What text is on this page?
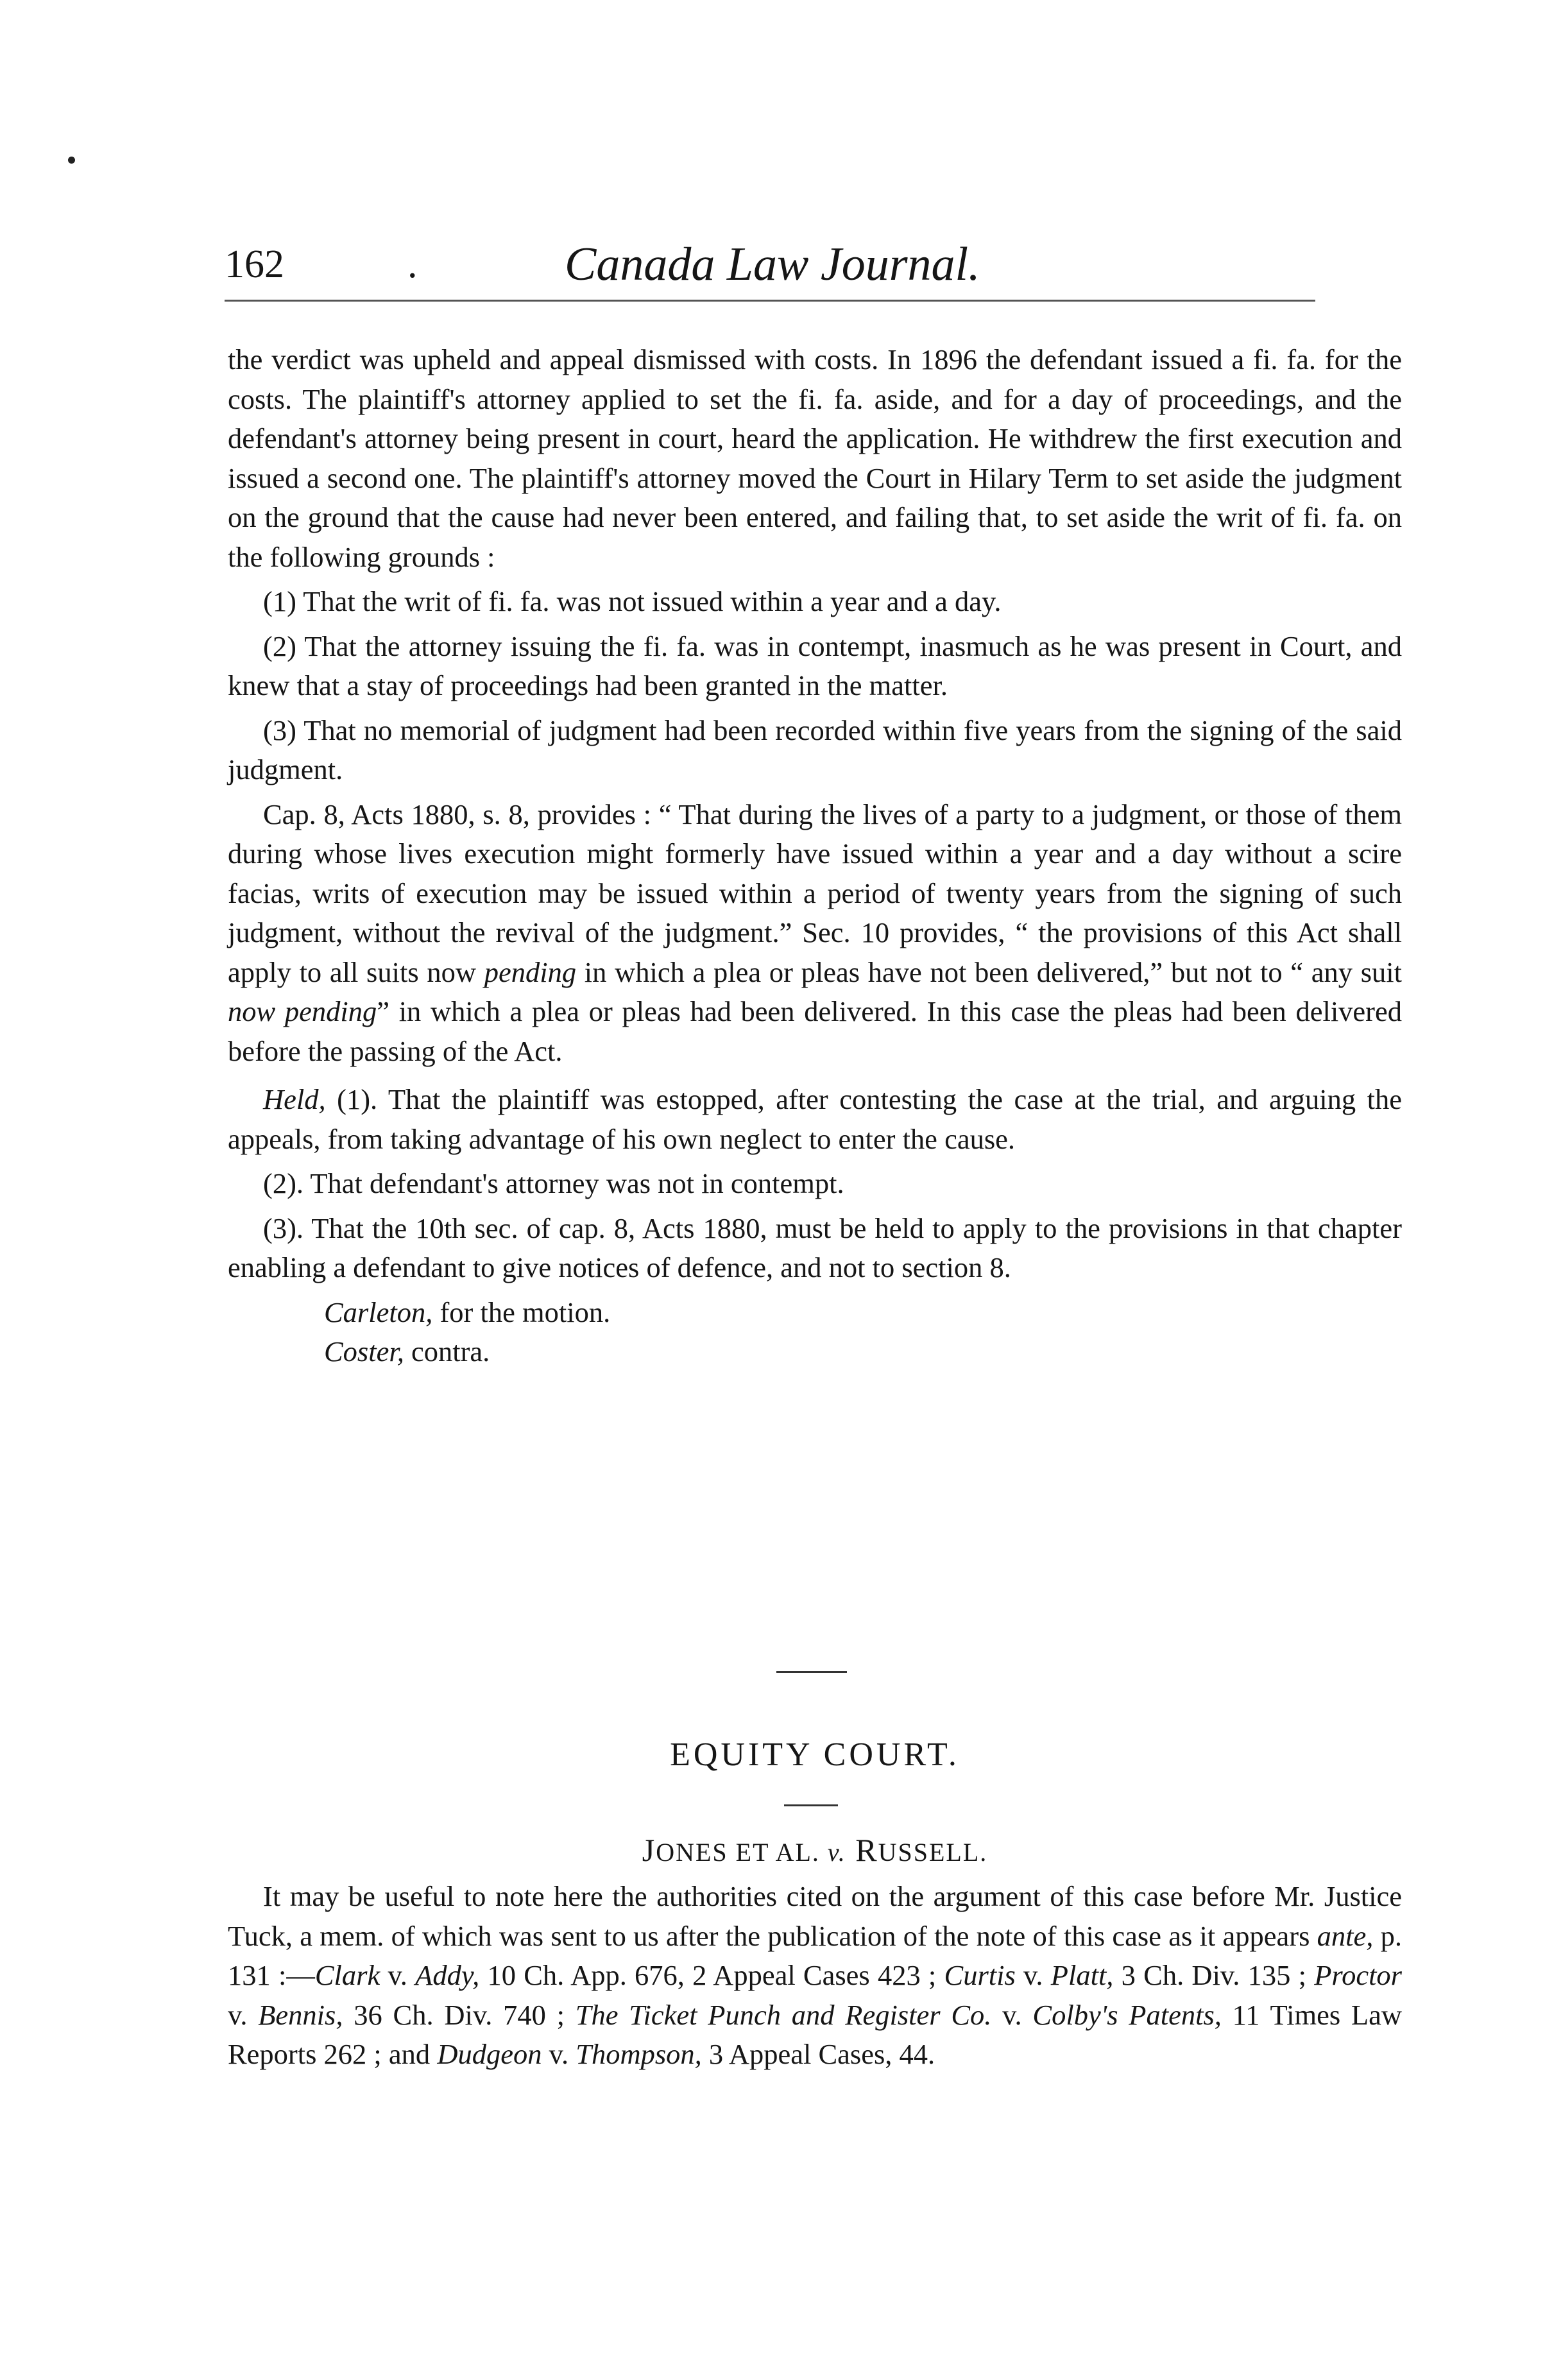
162	.	Canada Law Journal.

the verdict was upheld and appeal dismissed with costs. In 1896 the defendant issued a fi. fa. for the costs. The plaintiff's attorney applied to set the fi. fa. aside, and for a day of proceedings, and the defendant's attorney being present in court, heard the application. He withdrew the first execution and issued a second one. The plaintiff's attorney moved the Court in Hilary Term to set aside the judgment on the ground that the cause had never been entered, and failing that, to set aside the writ of fi. fa. on the following grounds :

(1) That the writ of fi. fa. was not issued within a year and a day.

(2) That the attorney issuing the fi. fa. was in contempt, inasmuch as he was present in Court, and knew that a stay of proceedings had been granted in the matter.

(3) That no memorial of judgment had been recorded within five years from the signing of the said judgment.

Cap. 8, Acts 1880, s. 8, provides : “ That during the lives of a party to a judgment, or those of them during whose lives execution might formerly have issued within a year and a day without a scire facias, writs of execution may be issued within a period of twenty years from the signing of such judgment, without the revival of the judgment.” Sec. 10 provides, “ the provisions of this Act shall apply to all suits now pending in which a plea or pleas have not been delivered,” but not to “ any suit now pending” in which a plea or pleas had been delivered. In this case the pleas had been delivered before the passing of the Act.

Held, (1). That the plaintiff was estopped, after contesting the case at the trial, and arguing the appeals, from taking advantage of his own neglect to enter the cause.

(2). That defendant's attorney was not in contempt.

(3). That the 10th sec. of cap. 8, Acts 1880, must be held to apply to the provisions in that chapter enabling a defendant to give notices of defence, and not to section 8.

Carleton, for the motion.

Coster, contra.

EQUITY COURT.
JONES ET AL. v. RUSSELL.

It may be useful to note here the authorities cited on the argument of this case before Mr. Justice Tuck, a mem. of which was sent to us after the publication of the note of this case as it appears ante, p. 131 :—Clark v. Addy, 10 Ch. App. 676, 2 Appeal Cases 423 ; Curtis v. Platt, 3 Ch. Div. 135 ; Proctor v. Bennis, 36 Ch. Div. 740 ; The Ticket Punch and Register Co. v. Colby's Patents, 11 Times Law Reports 262 ; and Dudgeon v. Thompson, 3 Appeal Cases, 44.
